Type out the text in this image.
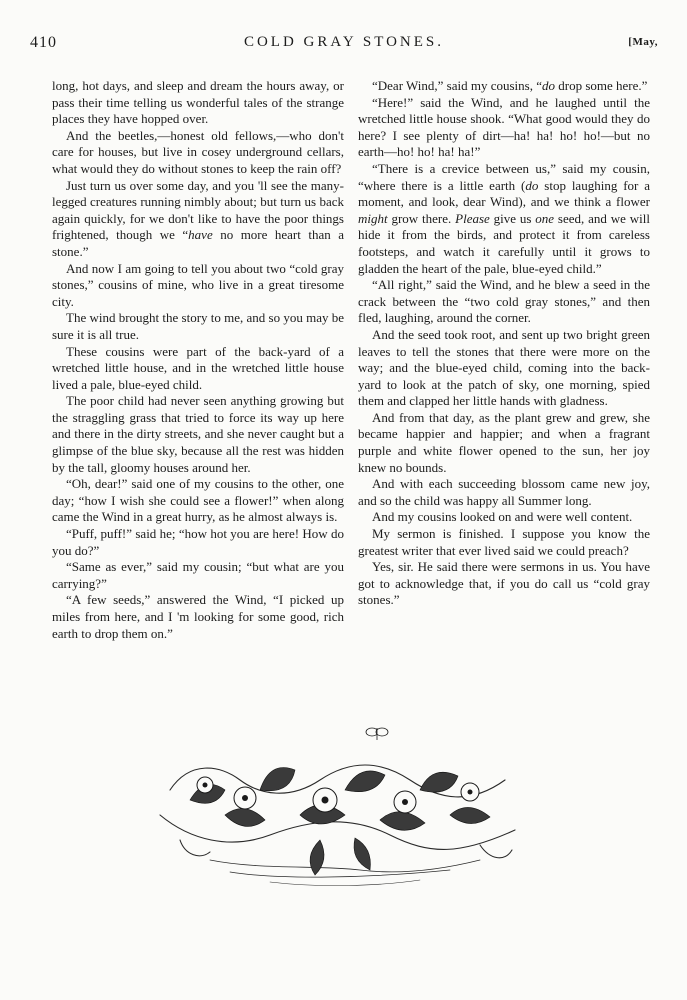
410	COLD GRAY STONES.	[May,

long, hot days, and sleep and dream the hours away, or pass their time telling us wonderful tales of the strange places they have hopped over.

And the beetles,—honest old fellows,—who don't care for houses, but live in cosey underground cellars, what would they do without stones to keep the rain off?

Just turn us over some day, and you 'll see the many-legged creatures running nimbly about; but turn us back again quickly, for we don't like to have the poor things frightened, though we “have no more heart than a stone.”

And now I am going to tell you about two “cold gray stones,” cousins of mine, who live in a great tiresome city.

The wind brought the story to me, and so you may be sure it is all true.

These cousins were part of the back-yard of a wretched little house, and in the wretched little house lived a pale, blue-eyed child.

The poor child had never seen anything growing but the straggling grass that tried to force its way up here and there in the dirty streets, and she never caught but a glimpse of the blue sky, because all the rest was hidden by the tall, gloomy houses around her.

“Oh, dear!” said one of my cousins to the other, one day; “how I wish she could see a flower!” when along came the Wind in a great hurry, as he almost always is.

“Puff, puff!” said he; “how hot you are here! How do you do?”

“Same as ever,” said my cousin; “but what are you carrying?”

“A few seeds,” answered the Wind, “I picked up miles from here, and I 'm looking for some good, rich earth to drop them on.”

“Dear Wind,” said my cousins, “do drop some here.”

“Here!” said the Wind, and he laughed until the wretched little house shook. “What good would they do here? I see plenty of dirt—ha! ha! ho! ho!—but no earth—ho! ho! ha! ha!”

“There is a crevice between us,” said my cousin, “where there is a little earth (do stop laughing for a moment, and look, dear Wind), and we think a flower might grow there. Please give us one seed, and we will hide it from the birds, and protect it from careless footsteps, and watch it carefully until it grows to gladden the heart of the pale, blue-eyed child.”

“All right,” said the Wind, and he blew a seed in the crack between the “two cold gray stones,” and then fled, laughing, around the corner.

And the seed took root, and sent up two bright green leaves to tell the stones that there were more on the way; and the blue-eyed child, coming into the back-yard to look at the patch of sky, one morning, spied them and clapped her little hands with gladness.

And from that day, as the plant grew and grew, she became happier and happier; and when a fragrant purple and white flower opened to the sun, her joy knew no bounds.

And with each succeeding blossom came new joy, and so the child was happy all Summer long.

And my cousins looked on and were well content.

My sermon is finished. I suppose you know the greatest writer that ever lived said we could preach?

Yes, sir. He said there were sermons in us. You have got to acknowledge that, if you do call us “cold gray stones.”
